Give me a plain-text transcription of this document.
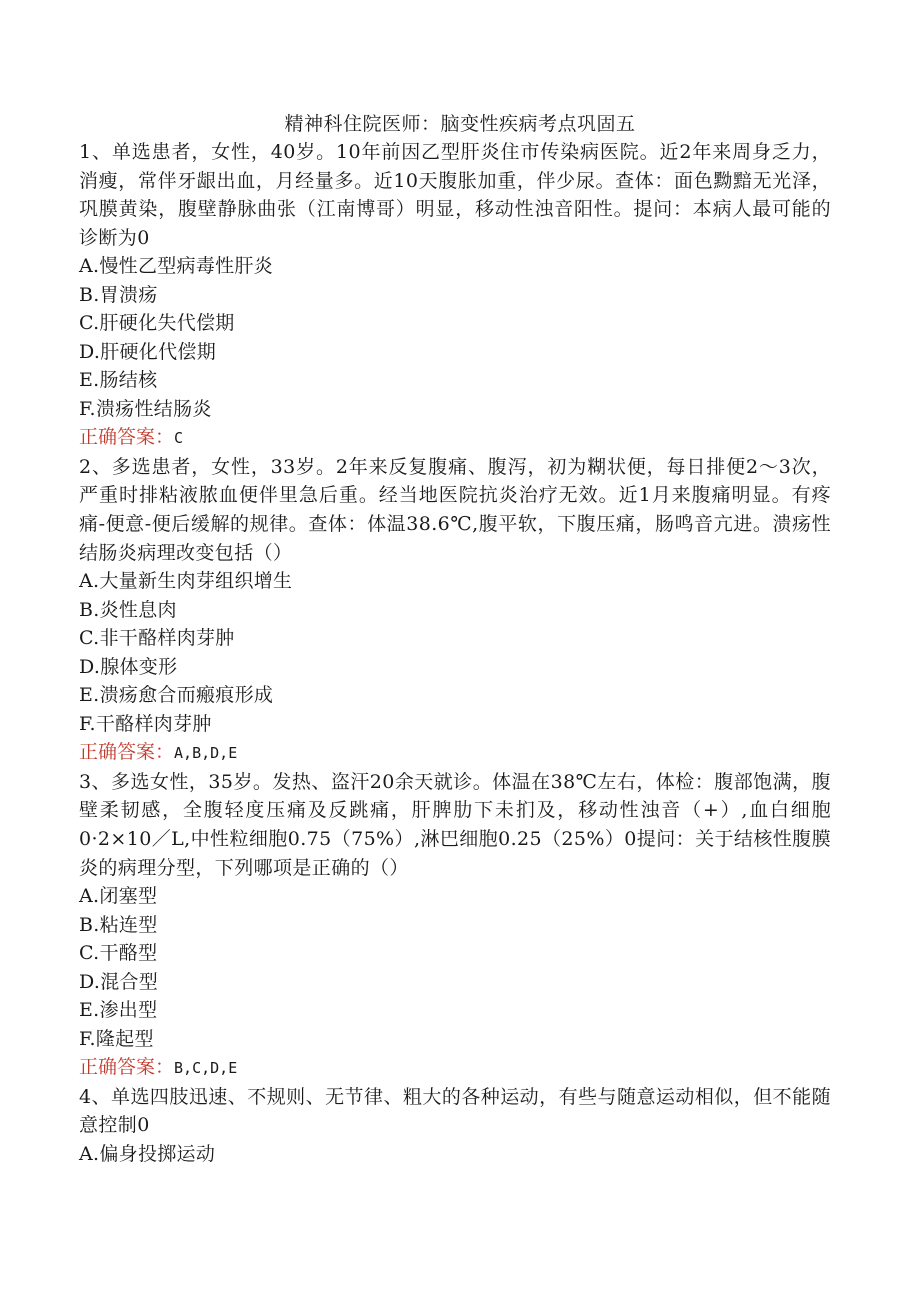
精神科住院医师：脑变性疾病考点巩固五
1、单选患者，女性，40岁。10年前因乙型肝炎住市传染病医院。近2年来周身乏力，消瘦，常伴牙龈出血，月经量多。近10天腹胀加重，伴少尿。查体：面色黝黯无光泽，巩膜黄染，腹壁静脉曲张（江南博哥）明显，移动性浊音阳性。提问：本病人最可能的诊断为0
A.慢性乙型病毒性肝炎
B.胃溃疡
C.肝硬化失代偿期
D.肝硬化代偿期
E.肠结核
F.溃疡性结肠炎
正确答案：C
2、多选患者，女性，33岁。2年来反复腹痛、腹泻，初为糊状便，每日排便2～3次，严重时排粘液脓血便伴里急后重。经当地医院抗炎治疗无效。近1月来腹痛明显。有疼痛-便意-便后缓解的规律。查体：体温38.6℃,腹平软，下腹压痛，肠鸣音亢进。溃疡性结肠炎病理改变包括（）
A.大量新生肉芽组织增生
B.炎性息肉
C.非干酪样肉芽肿
D.腺体变形
E.溃疡愈合而瘢痕形成
F.干酪样肉芽肿
正确答案：A,B,D,E
3、多选女性，35岁。发热、盗汗20余天就诊。体温在38℃左右，体检：腹部饱满，腹壁柔韧感，全腹轻度压痛及反跳痛，肝脾肋下未扪及，移动性浊音（+）,血白细胞0·2×10／L,中性粒细胞0.75（75%）,淋巴细胞0.25（25%）0提问：关于结核性腹膜炎的病理分型，下列哪项是正确的（）
A.闭塞型
B.粘连型
C.干酪型
D.混合型
E.渗出型
F.隆起型
正确答案：B,C,D,E
4、单选四肢迅速、不规则、无节律、粗大的各种运动，有些与随意运动相似，但不能随意控制0
A.偏身投掷运动
